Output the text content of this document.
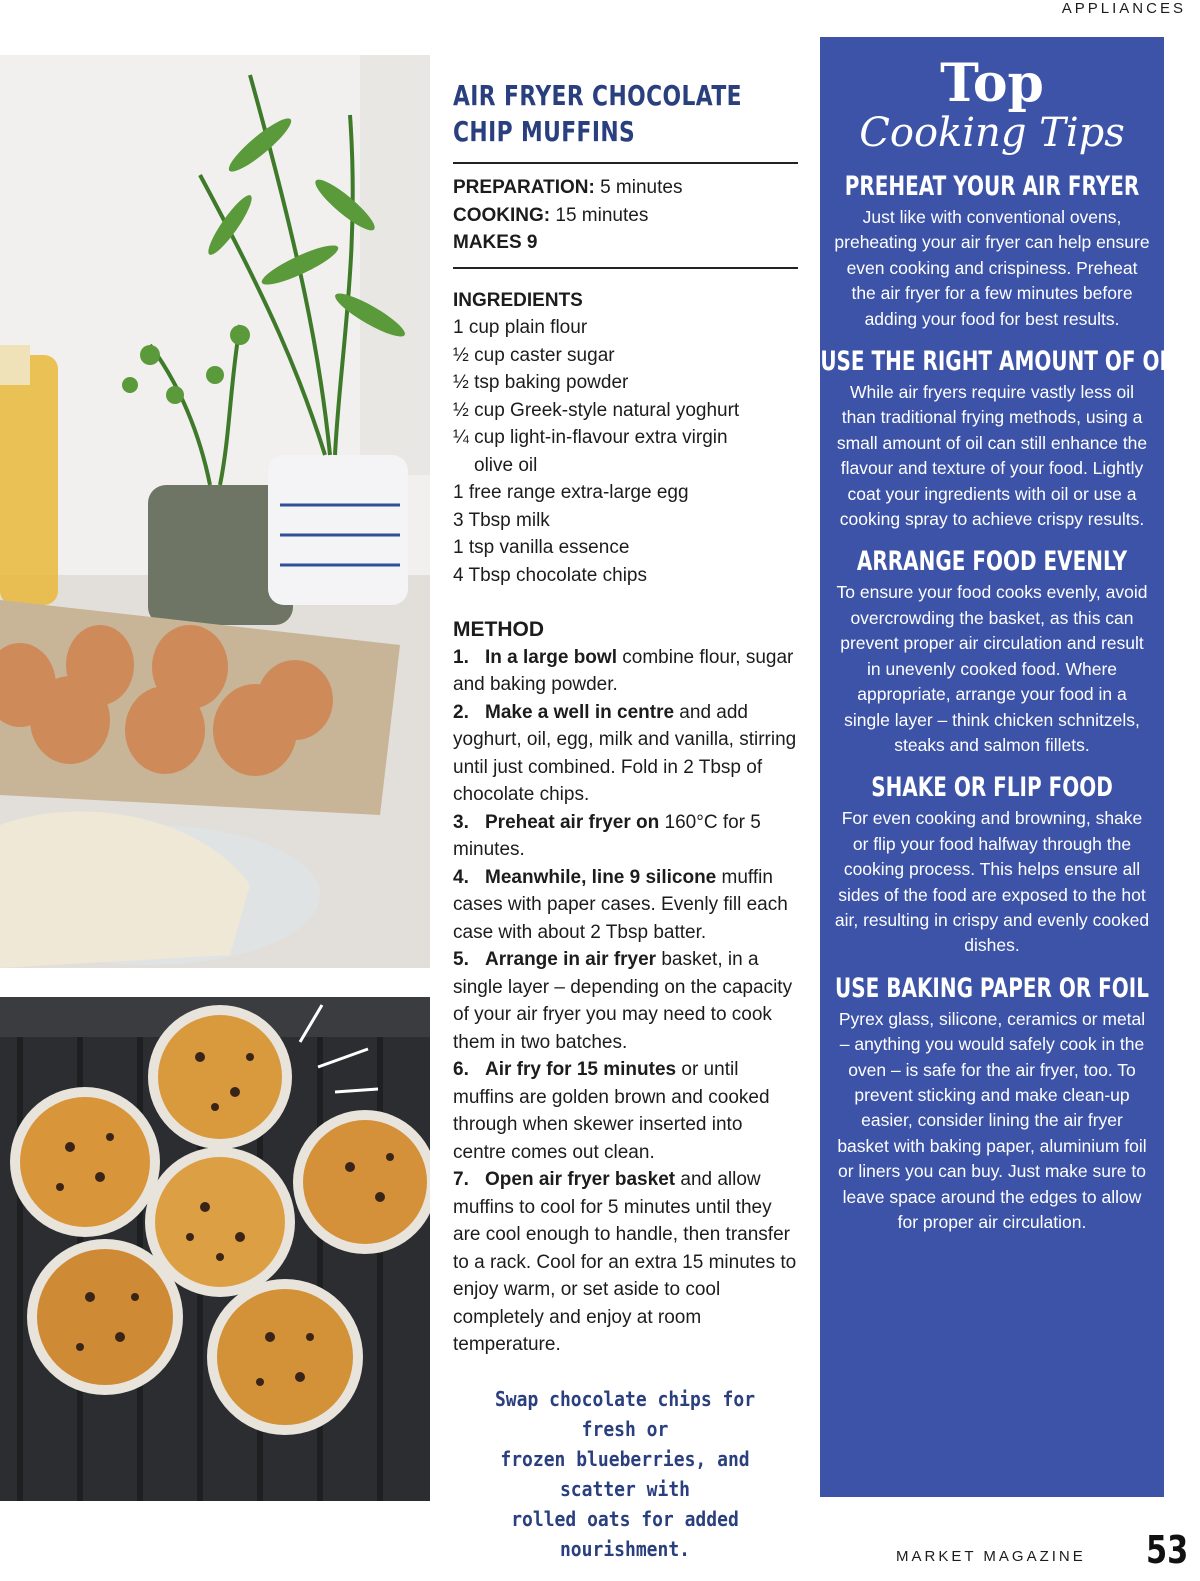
APPLIANCES
AIR FRYER CHOCOLATE
CHIP MUFFINS
PREPARATION: 5 minutes
COOKING: 15 minutes
MAKES 9
INGREDIENTS
1 cup plain flour
½ cup caster sugar
½ tsp baking powder
½ cup Greek-style natural yoghurt
¼ cup light-in-flavour extra virgin
olive oil
1 free range extra-large egg
3 Tbsp milk
1 tsp vanilla essence
4 Tbsp chocolate chips
METHOD
1. In a large bowl combine flour, sugar and baking powder.
2. Make a well in centre and add yoghurt, oil, egg, milk and vanilla, stirring until just combined. Fold in 2 Tbsp of chocolate chips.
3. Preheat air fryer on 160°C for 5 minutes.
4. Meanwhile, line 9 silicone muffin cases with paper cases. Evenly fill each case with about 2 Tbsp batter.
5. Arrange in air fryer basket, in a single layer – depending on the capacity of your air fryer you may need to cook them in two batches.
6. Air fry for 15 minutes or until muffins are golden brown and cooked through when skewer inserted into centre comes out clean.
7. Open air fryer basket and allow muffins to cool for 5 minutes until they are cool enough to handle, then transfer to a rack. Cool for an extra 15 minutes to enjoy warm, or set aside to cool completely and enjoy at room temperature.
Swap chocolate chips for fresh or
frozen blueberries, and scatter with
rolled oats for added nourishment.
Top
Cooking Tips
PREHEAT YOUR AIR FRYER
Just like with conventional ovens, preheating your air fryer can help ensure even cooking and crispiness. Preheat the air fryer for a few minutes before adding your food for best results.
USE THE RIGHT AMOUNT OF OIL
While air fryers require vastly less oil than traditional frying methods, using a small amount of oil can still enhance the flavour and texture of your food. Lightly coat your ingredients with oil or use a cooking spray to achieve crispy results.
ARRANGE FOOD EVENLY
To ensure your food cooks evenly, avoid overcrowding the basket, as this can prevent proper air circulation and result in unevenly cooked food. Where appropriate, arrange your food in a single layer – think chicken schnitzels, steaks and salmon fillets.
SHAKE OR FLIP FOOD
For even cooking and browning, shake or flip your food halfway through the cooking process. This helps ensure all sides of the food are exposed to the hot air, resulting in crispy and evenly cooked dishes.
USE BAKING PAPER OR FOIL
Pyrex glass, silicone, ceramics or metal – anything you would safely cook in the oven – is safe for the air fryer, too. To prevent sticking and make clean-up easier, consider lining the air fryer basket with baking paper, aluminium foil or liners you can buy. Just make sure to leave space around the edges to allow for proper air circulation.
MARKET MAGAZINE 53
